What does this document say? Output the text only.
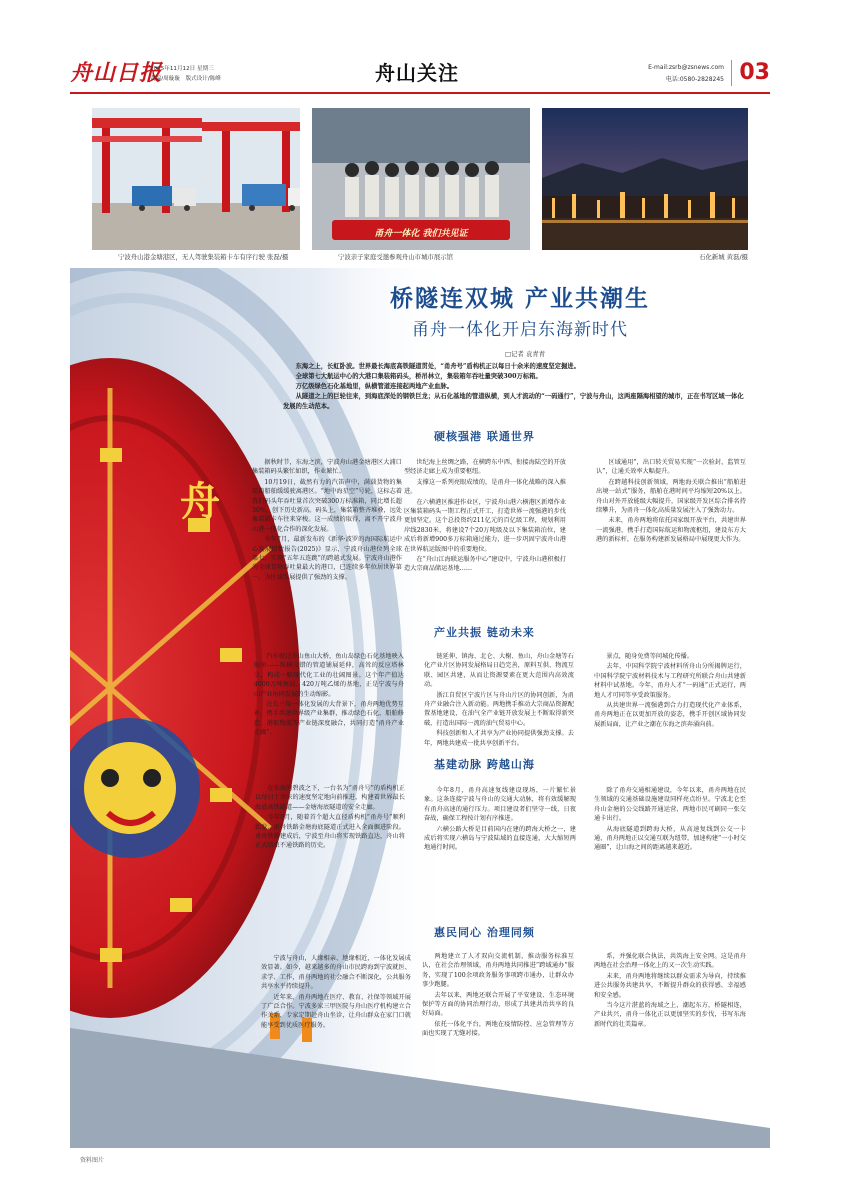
舟山日报
2025年11月12日 星期三
责编/周璇璇　版式设计/陈峰	舟山关注	E-mail:zsrb@zsnews.com
电话:0580-2828245 03
宁波舟山港金塘港区，无人驾驶集装箱卡车有序行驶 张磊/摄
甬舟一体化 我们共见证
宁波亲子家庭受邀参观舟山市城市展示馆	石化新城 黄磊/摄
舟
资料图片
桥隧连双城 产业共潮生
甬舟一体化开启东海新时代
□记者 袁青青

东海之上，长虹卧波。世界最长海底高铁隧道贯处，“甬舟号”盾构机正以每日十余米的速度坚定掘进。

全球第七大航运中心的大港口集装箱码头，桥吊林立，集装箱年吞吐量突破300万标箱。

万亿级绿色石化基地里，纵横管道连接起两地产业血脉。

从隧道之上的巨轮往来，到海底深处的钢铁巨龙；从石化基地的管道纵横，到人才流动的“一码通行”，宁波与舟山，这两座隔海相望的城市，正在书写区域一体化发展的生动范本。

硬核强港 联通世界

据秋时节，东海之滨，宁波舟山港金塘港区大浦口集装箱码头繁忙如织，作业繁忙。

10月19日，截然有力的汽笛声中，满载货物的集装箱船舶缓缓驶离港区。“地中海星空”号轮，这标志着我们码头年吞吐量首次突破300万标准箱，同比增长超30%，创下历史新高。码头上，集装箱整齐堆叠，远处集装箱卡车往来穿梭。这一成绩的取得，离不开宁波舟山港一体化合作的深化发展。

今年7月，最新发布的《新华·波罗的海国际航运中心发展指数报告(2025)》显示，宁波舟山港位列全球第七，实现“五年五连跳”的跨越式发展。宁波舟山港作为全球货物吞吐量最大的港口，已连续多年位居世界第一，为区域发展提供了强劲的支撑。

世纪海上丝绸之路，在横跨东中西、衔接海陆空的开放型经济走廊上成为重要枢纽。

支撑这一系列亮眼成绩的，是甬舟一体化战略的深入推进。

在六横港区推进作业区，宁波舟山港六横港区新增作业区集装箱码头一期工程正式开工，打造世界一流强港的步伐更加坚定。这个总投资约211亿元的百亿级工程，规划利用岸线2830米，将建设7个20万吨级及以下集装箱泊位，建成后将新增900多万标箱通过能力，进一步巩固宁波舟山港在世界航运版图中的重要地位。

在“舟山江海联运服务中心”建设中，宁波舟山港积极打造大宗商品储运基地……

区域通用”，出口转关贸易实现“一次验封，监管互认”，让通关效率大幅提升。

在跨越科技创新领域，两地海关联合推出“船舶进出境一站式”服务，船舶在港时间平均缩短20%以上。舟山对外开放能级大幅提升，国家级开发区综合排名持续攀升，为甬舟一体化高质量发展注入了强劲动力。

未来，甬舟两地将依托国家级开放平台，共建世界一流强港，携手打造国际航运和物流枢纽，建设东方大港的新标杆，在服务构建新发展格局中展现更大作为。

产业共振 链动未来

汽车驶过舟山鱼山大桥，鱼山岛绿色石化基地映入眼帘——纵横交错的管道铺展延伸，高耸的反应塔林立，构成一幅现代化工业的壮阔图景。这个年产值达4000万吨炼油、420万吨乙烯的基地，正是宁波与舟山产业协同发展的生动缩影。

在长三角一体化发展的大背景下，甬舟两地优势互补，携手共建世界级产业集群，推动绿色石化、船舶修造、港航物流等产业链深度融合，共同打造“甬舟产业走廊”。

链延伸，镇海、北仑、大榭、鱼山，舟山金塘等石化产业片区协同发展格局日趋完善，原料互供、物流互联、园区共建，从而让资源要素在更大范围内高效流动。

浙江自贸区宁波片区与舟山片区的协同创新，为甬舟产业融合注入新动能。两地携手推动大宗商品资源配置基地建设，在油气全产业链开放发展上不断取得新突破，打造出国际一流的油气贸易中心。

科技创新和人才共享为产业协同提供强劲支撑。去年，两地共建成一批共享创新平台。

景点，随身免费等问城化传播。

去年，中国科学院宁波材料所舟山分所揭牌运行，中国科学院宁波材料技术与工程研究所联合舟山共建新材料中试基地。今年，甬舟人才“一码通”正式运行，两地人才可同等享受政策服务。

从共建世界一流强港到合力打造现代化产业体系，甬舟两地正在以更加开放的姿态，携手开创区域协同发展新局面，让产业之潮在东海之滨奔涌向前。

基建动脉 跨越山海

在东海的碧波之下，一台名为“甬舟号”的盾构机正以每日十余米的速度坚定地向前推进，构建着世界最长海底高铁隧道——金塘海底隧道的安全走廊。

今年9月，随着首个超大直径盾构机“甬舟号”顺利始发，甬舟铁路金塘海底隧道正式进入全面掘进阶段。甬舟铁路建成后，宁波至舟山将实现铁路直达，舟山将正式结束不通铁路的历史。

今年8月，甬舟高速复线建设现场，一片繁忙景象。这条连接宁波与舟山的交通大动脉，将有效缓解现有甬舟高速的通行压力。项目建设者们坚守一线，日夜奋战，确保工程按计划有序推进。

六横公路大桥是目前国内在建的跨海大桥之一，建成后将实现六横岛与宁波陆域的直接连通，大大缩短两地通行时间。

除了甬舟交通相通建设，今年以来，甬舟两地在民生领域的交通基础设施建设同样亮点纷呈。宁波北仑至舟山金塘的公交线路开通运营，两地市民可刷同一张交通卡出行。

从海底隧道到跨海大桥，从高速复线到公交一卡通，甬舟两地正以交通互联为纽带，加速构建“一小时交通圈”，让山海之间的距离越来越近。

惠民同心 治理同频

宁波与舟山，人缘相亲、地缘相近，一体化发展成效显著。如今，越来越多的舟山市民跨海到宁波就医、求学、工作，甬舟两地的社会融合不断深化，公共服务共享水平持续提升。

近年来，甬舟两地在医疗、教育、社保等领域开展了广泛合作。宁波多家三甲医院与舟山医疗机构建立合作关系，专家定期赴舟山坐诊，让舟山群众在家门口就能享受到优质医疗服务。

两地建立了人才双向交流机制，推动服务标准互认，在社会治理领域，甬舟两地共同推进“跨域通办”服务，实现了100余项政务服务事项跨市通办，让群众办事少跑腿。

去年以来，两地还联合开展了平安建设、生态环境保护等方面的协同治理行动，形成了共建共治共享的良好局面。

依托一体化平台，两地在疫情防控、应急管理等方面也实现了无缝对接。

系，并强化联合执法，共筑海上安全网。这是甬舟两地在社会治理一体化上的又一次生动实践。

未来，甬舟两地将继续以群众需求为导向，持续推进公共服务共建共享，不断提升群众的获得感、幸福感和安全感。

当今这片湛蓝的海域之上，潮起东方，桥隧相连，产业共兴，甬舟一体化正以更加坚实的步伐，书写东海新时代的壮美篇章。
